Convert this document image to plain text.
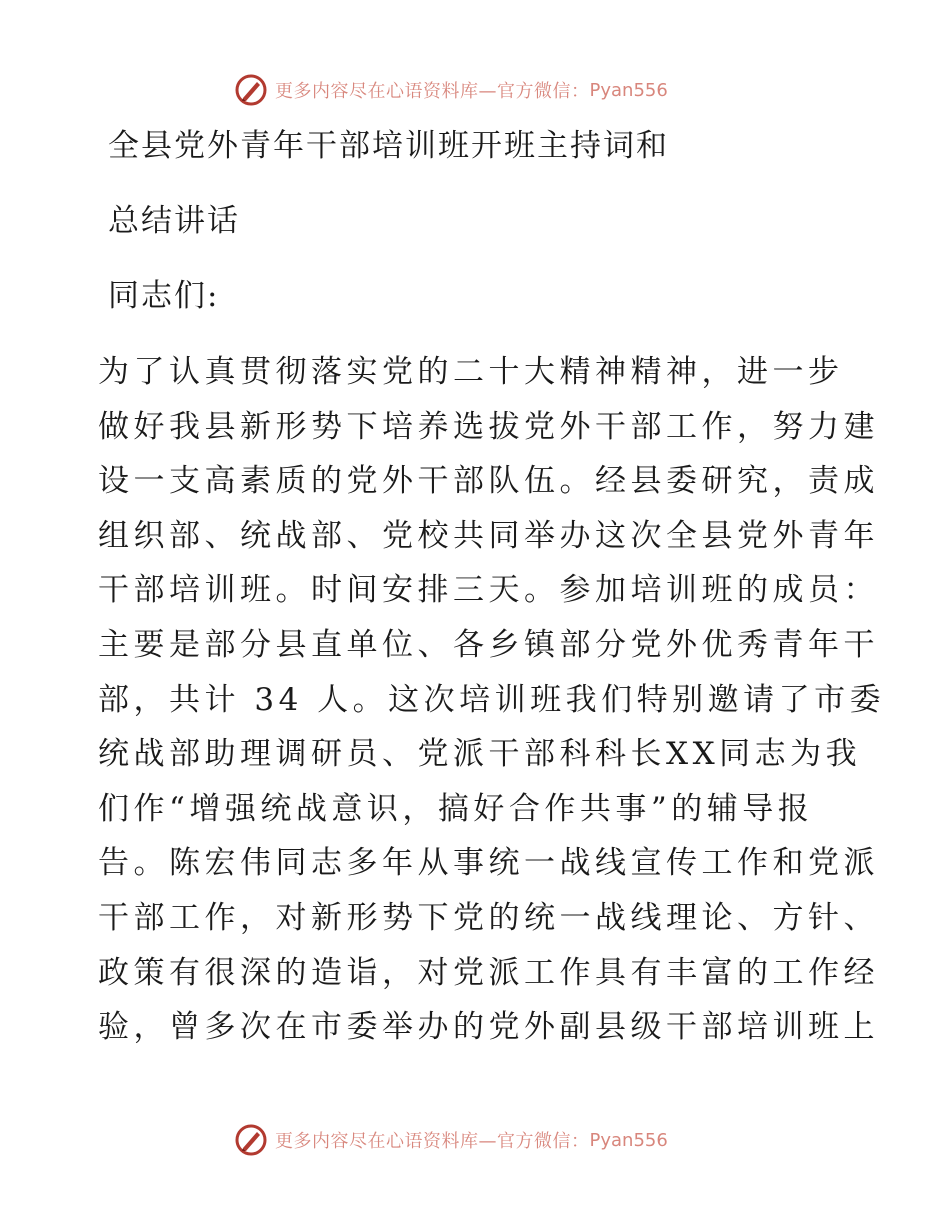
更多内容尽在心语资料库—官方微信： Pyan556
全县党外青年干部培训班开班主持词和
总结讲话

同志们:

为了认真贯彻落实党的二十大精神精神，进一步
做好我县新形势下培养选拔党外干部工作，努力建
设一支高素质的党外干部队伍。经县委研究，责成
组织部、统战部、党校共同举办这次全县党外青年
干部培训班。时间安排三天。参加培训班的成员：
主要是部分县直单位、各乡镇部分党外优秀青年干
部，共计 34 人。这次培训班我们特别邀请了市委
统战部助理调研员、党派干部科科长XX同志为我
们作“增强统战意识，搞好合作共事”的辅导报
告。陈宏伟同志多年从事统一战线宣传工作和党派
干部工作，对新形势下党的统一战线理论、方针、
政策有很深的造诣，对党派工作具有丰富的工作经
验，曾多次在市委举办的党外副县级干部培训班上

更多内容尽在心语资料库—官方微信： Pyan556
